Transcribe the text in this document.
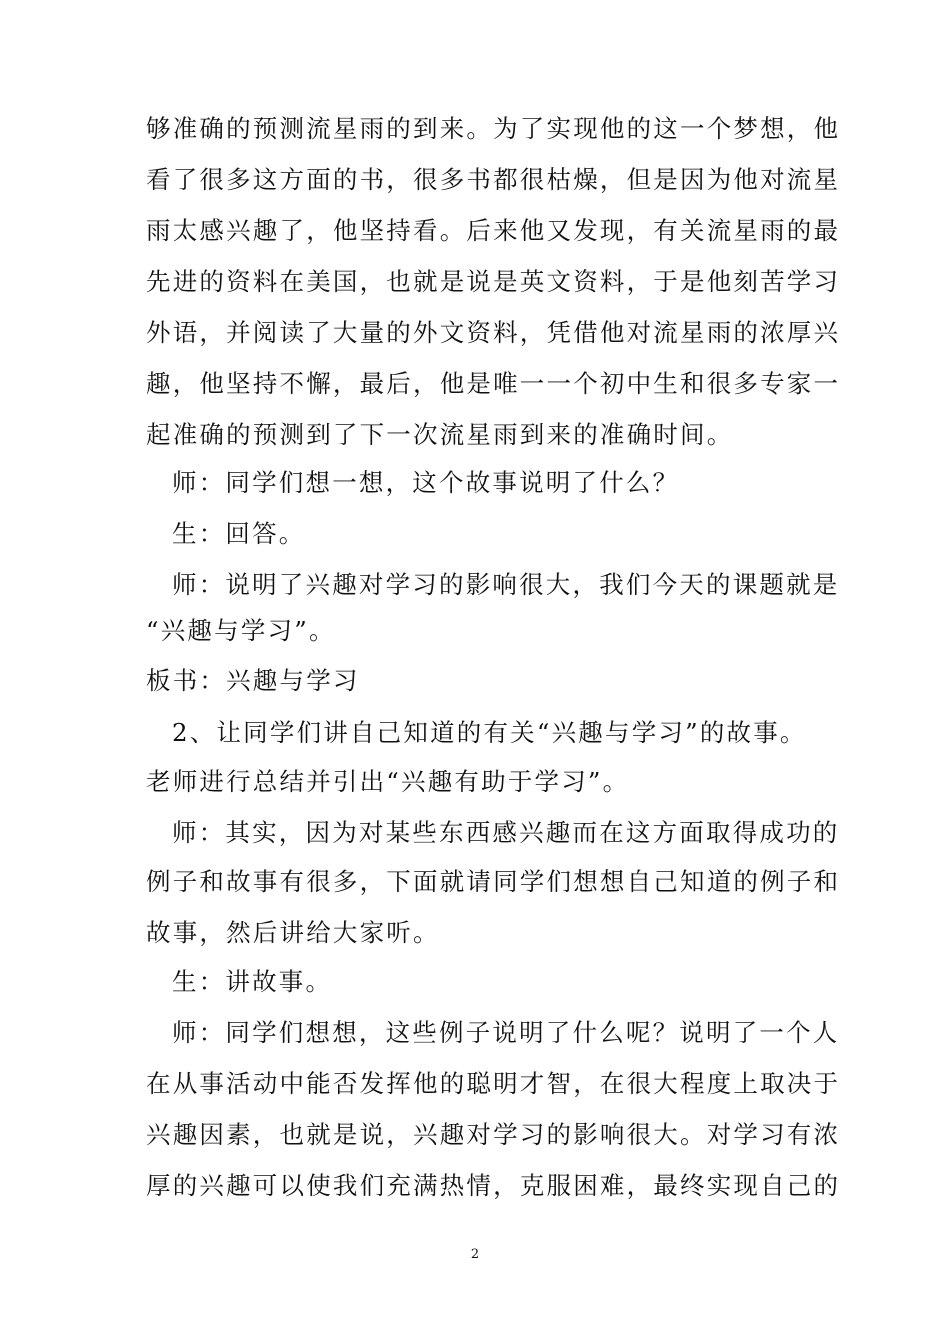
够准确的预测流星雨的到来。为了实现他的这一个梦想，他
看了很多这方面的书，很多书都很枯燥，但是因为他对流星
雨太感兴趣了，他坚持看。后来他又发现，有关流星雨的最
先进的资料在美国，也就是说是英文资料，于是他刻苦学习
外语，并阅读了大量的外文资料，凭借他对流星雨的浓厚兴
趣，他坚持不懈，最后，他是唯一一个初中生和很多专家一
起准确的预测到了下一次流星雨到来的准确时间。
师：同学们想一想，这个故事说明了什么？
生：回答。
师：说明了兴趣对学习的影响很大，我们今天的课题就是
“兴趣与学习”。
板书：兴趣与学习
2、让同学们讲自己知道的有关“兴趣与学习”的故事。
老师进行总结并引出“兴趣有助于学习”。
师：其实，因为对某些东西感兴趣而在这方面取得成功的
例子和故事有很多，下面就请同学们想想自己知道的例子和
故事，然后讲给大家听。
生：讲故事。
师：同学们想想，这些例子说明了什么呢？说明了一个人
在从事活动中能否发挥他的聪明才智，在很大程度上取决于
兴趣因素，也就是说，兴趣对学习的影响很大。对学习有浓
厚的兴趣可以使我们充满热情，克服困难，最终实现自己的
2
